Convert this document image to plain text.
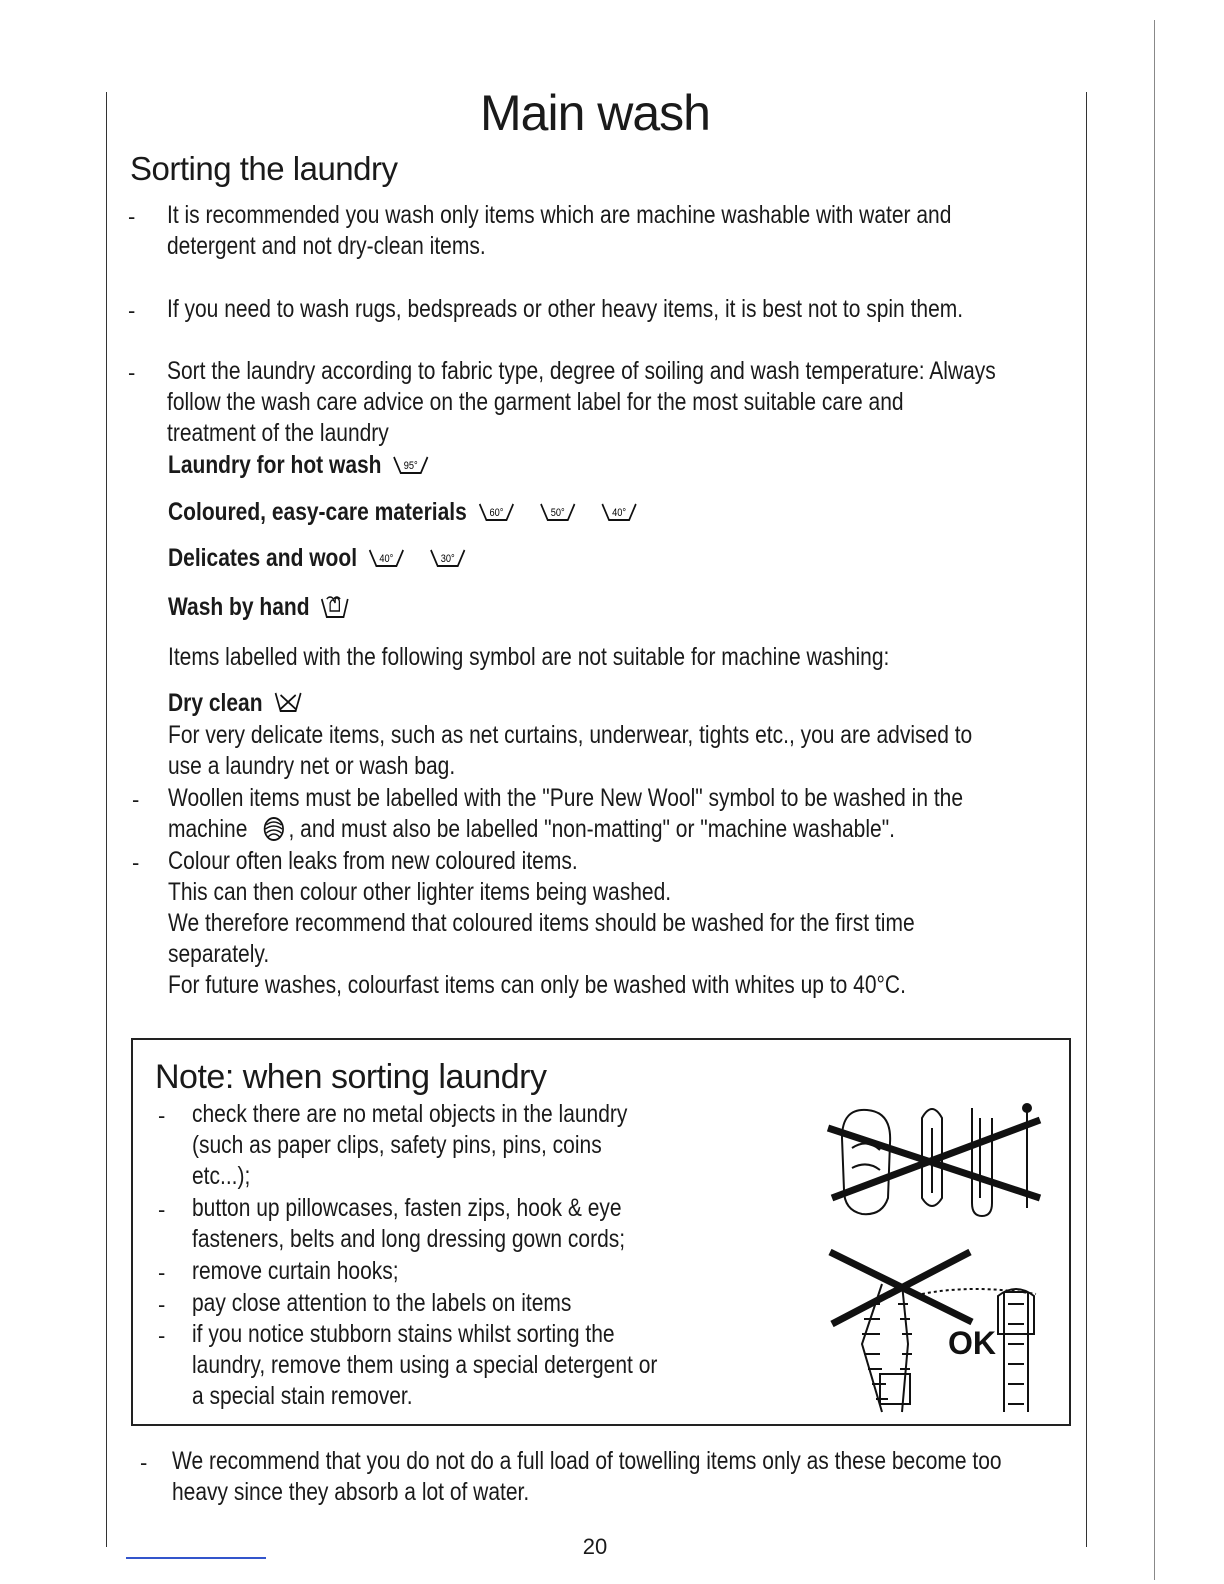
Main wash
Sorting the laundry
- It is recommended you wash only items which are machine washable with water and
detergent and not dry-clean items.
- If you need to wash rugs, bedspreads or other heavy items, it is best not to spin them.
- Sort the laundry according to fabric type, degree of soiling and wash temperature: Always
follow the wash care advice on the garment label for the most suitable care and
treatment of the laundry
Laundry for hot wash 95°
Coloured, easy-care materials 60°
	50°
	40°
Delicates and wool 40°
	30°
Wash by hand
Items labelled with the following symbol are not suitable for machine washing:
Dry clean
For very delicate items, such as net curtains, underwear, tights etc., you are advised to
use a laundry net or wash bag.
- Woollen items must be labelled with the "Pure New Wool" symbol to be washed in the
machine , and must also be labelled "non-matting" or "machine washable".
- Colour often leaks from new coloured items.
This can then colour other lighter items being washed.
We therefore recommend that coloured items should be washed for the first time
separately.
For future washes, colourfast items can only be washed with whites up to 40°C.
Note: when sorting laundry
- check there are no metal objects in the laundry
(such as paper clips, safety pins, pins, coins
etc...);
- button up pillowcases, fasten zips, hook & eye
fasteners, belts and long dressing gown cords;
- remove curtain hooks;
- pay close attention to the labels on items
- if you notice stubborn stains whilst sorting the
laundry, remove them using a special detergent or
a special stain remover.
OK
- We recommend that you do not do a full load of towelling items only as these become too
heavy since they absorb a lot of water.
20
